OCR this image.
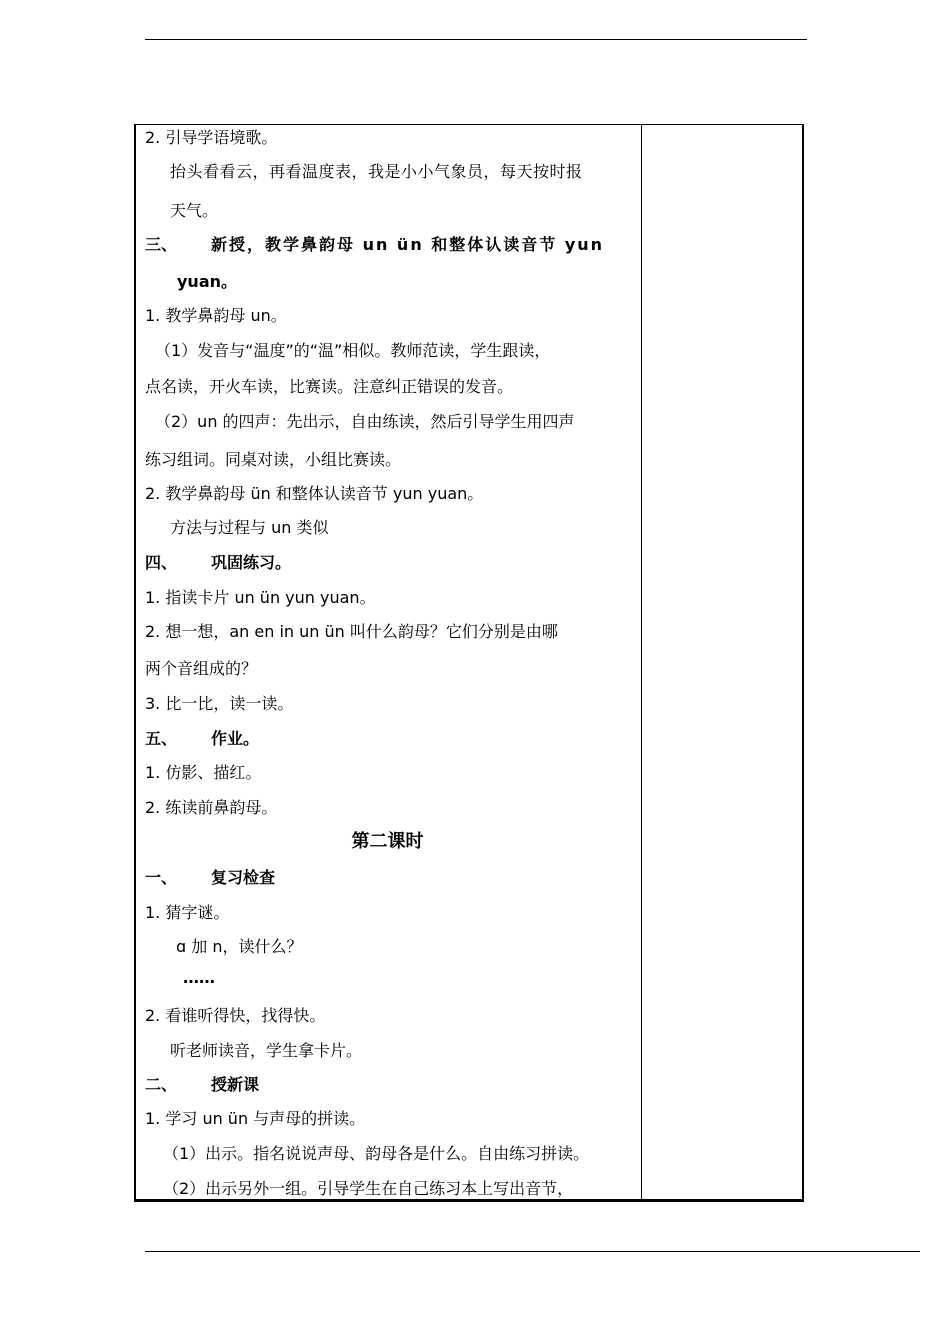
2. 引导学语境歌。
抬头看看云，再看温度表，我是小小气象员，每天按时报
天气。
三、 新授，教学鼻韵母 un ün 和整体认读音节 yun
yuan。
1. 教学鼻韵母 un。
（1）发音与“温度”的“温”相似。教师范读，学生跟读，
点名读，开火车读，比赛读。注意纠正错误的发音。
（2）un 的四声：先出示，自由练读，然后引导学生用四声
练习组词。同桌对读，小组比赛读。
2. 教学鼻韵母 ün 和整体认读音节 yun yuan。
方法与过程与 un 类似
四、 巩固练习。
1. 指读卡片 un ün yun yuan。
2. 想一想，an en in un ün 叫什么韵母？它们分别是由哪
两个音组成的？
3. 比一比，读一读。
五、 作业。
1. 仿影、描红。
2. 练读前鼻韵母。
第二课时
一、 复习检查
1. 猜字谜。
ɑ 加 n，读什么？
……
2. 看谁听得快，找得快。
听老师读音，学生拿卡片。
二、 授新课
1. 学习 un ün 与声母的拼读。
（1）出示。指名说说声母、韵母各是什么。自由练习拼读。
（2）出示另外一组。引导学生在自己练习本上写出音节，
